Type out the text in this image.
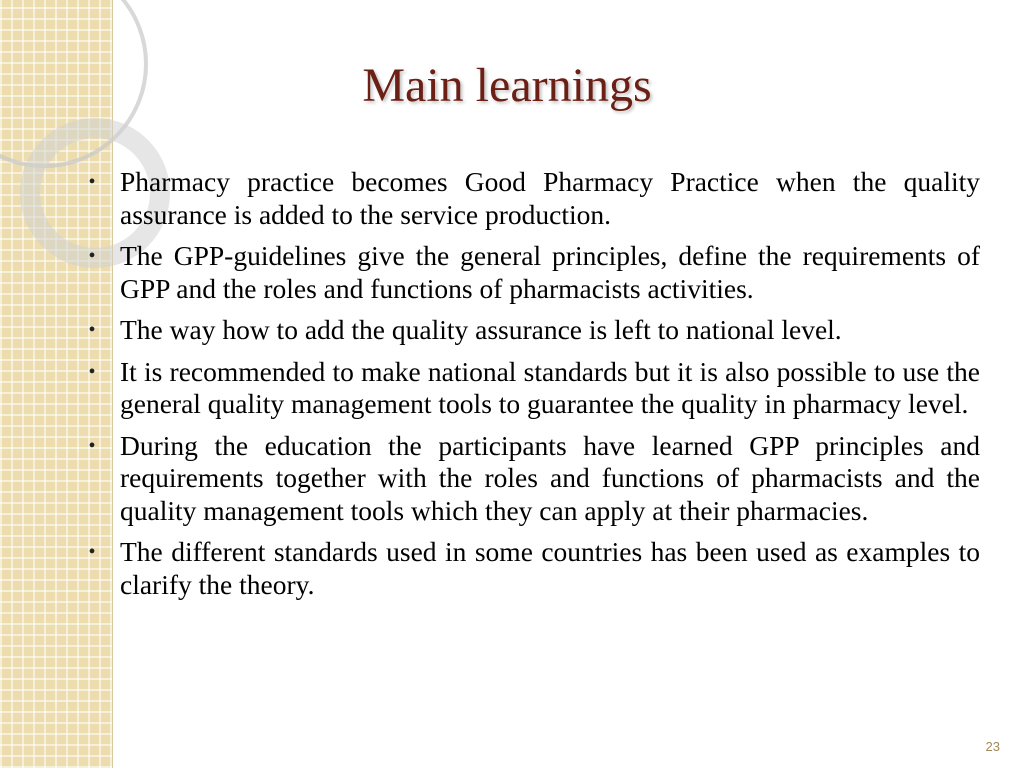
Main learnings
• Pharmacy practice becomes Good Pharmacy Practice when the quality assurance is added to the service production.
• The GPP-guidelines give the general principles, define the requirements of GPP and the roles and functions of pharmacists activities.
• The way how to add the quality assurance is left to national level.
• It is recommended to make national standards but it is also possible to use the general quality management tools to guarantee the quality in pharmacy level.
• During the education the participants have learned GPP principles and requirements together with the roles and functions of pharmacists and the quality management tools which they can apply at their pharmacies.
• The different standards used in some countries has been used as examples to clarify the theory.
23
